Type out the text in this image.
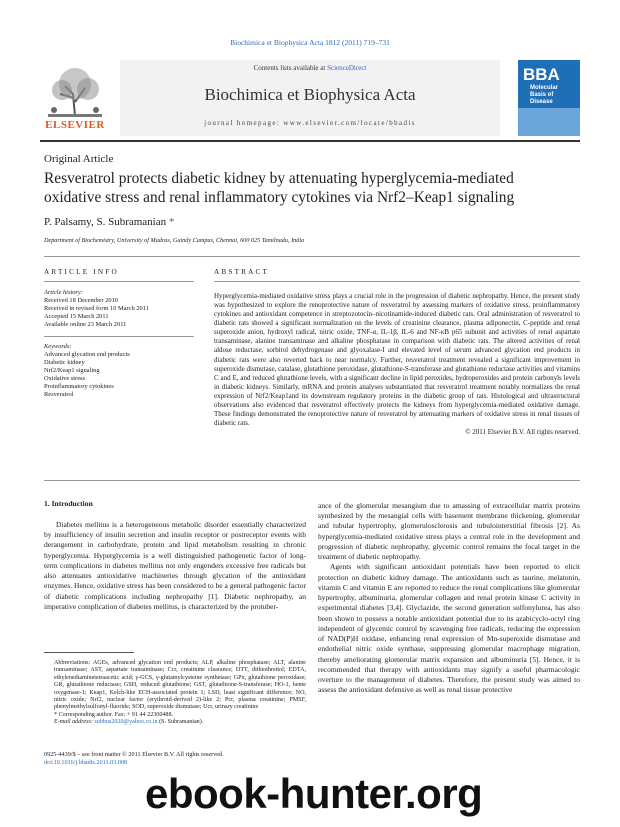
Biochimica et Biophysica Acta 1812 (2011) 719–731
ELSEVIER
Contents lists available at ScienceDirect
Biochimica et Biophysica Acta
journal homepage: www.elsevier.com/locate/bbadis
BBA
Molecular
Basis of
Disease
Original Article
Resveratrol protects diabetic kidney by attenuating hyperglycemia-mediated oxidative stress and renal inflammatory cytokines via Nrf2–Keap1 signaling
P. Palsamy, S. Subramanian *
Department of Biochemistry, University of Madras, Guindy Campus, Chennai, 600 025 Tamilnadu, India
ARTICLE INFO	ABSTRACT
Article history:
Received 18 December 2010
Received in revised form 10 March 2011
Accepted 15 March 2011
Available online 23 March 2011
Keywords:
Advanced glycation end products
Diabetic kidney
Nrf2/Keap1 signaling
Oxidative stress
Proinflammatory cytokines
Resveratrol
Hyperglycemia-mediated oxidative stress plays a crucial role in the progression of diabetic nephropathy. Hence, the present study was hypothesized to explore the renoprotective nature of resveratrol by assessing markers of oxidative stress, proinflammatory cytokines and antioxidant competence in streptozotocin–nicotinamide-induced diabetic rats. Oral administration of resveratrol to diabetic rats showed a significant normalization on the levels of creatinine clearance, plasma adiponectin, C-peptide and renal superoxide anion, hydroxyl radical, nitric oxide, TNF-α, IL-1β, IL-6 and NF-κB p65 subunit and activities of renal aspartate transaminase, alanine transaminase and alkaline phosphatase in comparison with diabetic rats. The altered activities of renal aldose reductase, sorbitol dehydrogenase and glyoxalase-I and elevated level of serum advanced glycation end products in diabetic rats were also reverted back to near normalcy. Further, resveratrol treatment revealed a significant improvement in superoxide dismutase, catalase, glutathione peroxidase, glutathione-S-transferase and glutathione reductase activities and vitamins C and E, and reduced glutathione levels, with a significant decline in lipid peroxides, hydroperoxides and protein carbonyls levels in diabetic kidneys. Similarly, mRNA and protein analyses substantiated that resveratrol treatment notably normalizes the renal expression of Nrf2/Keap1and its downstream regulatory proteins in the diabetic group of rats. Histological and ultrastructural observations also evidenced that resveratrol effectively protects the kidneys from hyperglycemia-mediated oxidative damage. These findings demonstrated the renoprotective nature of resveratrol by attenuating markers of oxidative stress in renal tissues of diabetic rats.
© 2011 Elsevier B.V. All rights reserved.
1. Introduction

Diabetes mellitus is a heterogeneous metabolic disorder essentially characterized by insufficiency of insulin secretion and insulin receptor or postreceptor events with derangement in carbohydrate, protein and lipid metabolism resulting in chronic hyperglycemia. Hyperglycemia is a well distinguished pathogenetic factor of long-term complications in diabetes mellitus not only engenders excessive free radicals but also attenuates antioxidative machineries through glycation of the antioxidant enzymes. Hence, oxidative stress has been considered to be a general pathogenic factor of diabetic complications including nephropathy [1]. Diabetic nephropathy, an imperative complication of diabetes mellitus, is characterized by the protuber-

ance of the glomerular mesangium due to amassing of extracellular matrix proteins synthesized by the mesangial cells with basement membrane thickening, glomerular and tubular hypertrophy, glomerulosclerosis and tubulointerstitial fibrosis [2]. As hyperglycemia-mediated oxidative stress plays a central role in the development and progression of diabetic nephropathy, glycemic control remains the focal target in the treatment of diabetic nephropathy.

Agents with significant antioxidant potentials have been reported to elicit protection on diabetic kidney damage. The antioxidants such as taurine, melatonin, vitamin C and vitamin E are reported to reduce the renal complications like glomerular hypertrophy, albuminuria, glomerular collagen and renal protein kinase C activity in experimental diabetes [3,4]. Glyclazide, the second generation sulfonylurea, has also been shown to possess a notable antioxidant potential due to its azabicyclo-octyl ring independent of glycemic control by scavenging free radicals, reducing the expression of NAD(P)H oxidase, enhancing renal expression of Mn-superoxide dismutase and endothelial nitric oxide synthase, suppressing glomerular macrophage migration, thereby ameliorating glomerular matrix expansion and albuminuria [5]. Hence, it is recommended that therapy with antioxidants may signify a useful pharmacologic overture to the management of diabetes. Therefore, the present study was aimed to assess the antioxidant defensive as well as renal tissue protective

Abbreviations: AGEs, advanced glycation end products; ALP, alkaline phosphatase; ALT, alanine transaminase; AST, aspartate transaminase; Ccr, creatinine clearance; DTT, dithiothreitol; EDTA, ethylenediaminetetraacetic acid; γ-GCS, γ-glutamylcysteine synthetase; GPx, glutathione peroxidase; GR, glutathione reductase; GSH, reduced glutathione; GST, glutathione-S-transferase; HO-1, heme oxygenase-1; Keap1, Kelch-like ECH-associated protein 1; LSD, least significant difference; NO, nitric oxide; Nrf2, nuclear factor (erythroid-derived 2)-like 2; Pcr, plasma creatinine; PMSF, phenylmethylsulfonyl-fluoride; SOD, superoxide dismutase; Ucr, urinary creatinine
* Corresponding author. Fax: + 91 44 22300488.
E-mail address: subbus2020@yahoo.co.in (S. Subramanian).
0925-4439/$ – see front matter © 2011 Elsevier B.V. All rights reserved.
doi:10.1016/j.bbadis.2011.03.008
ebook-hunter.org
